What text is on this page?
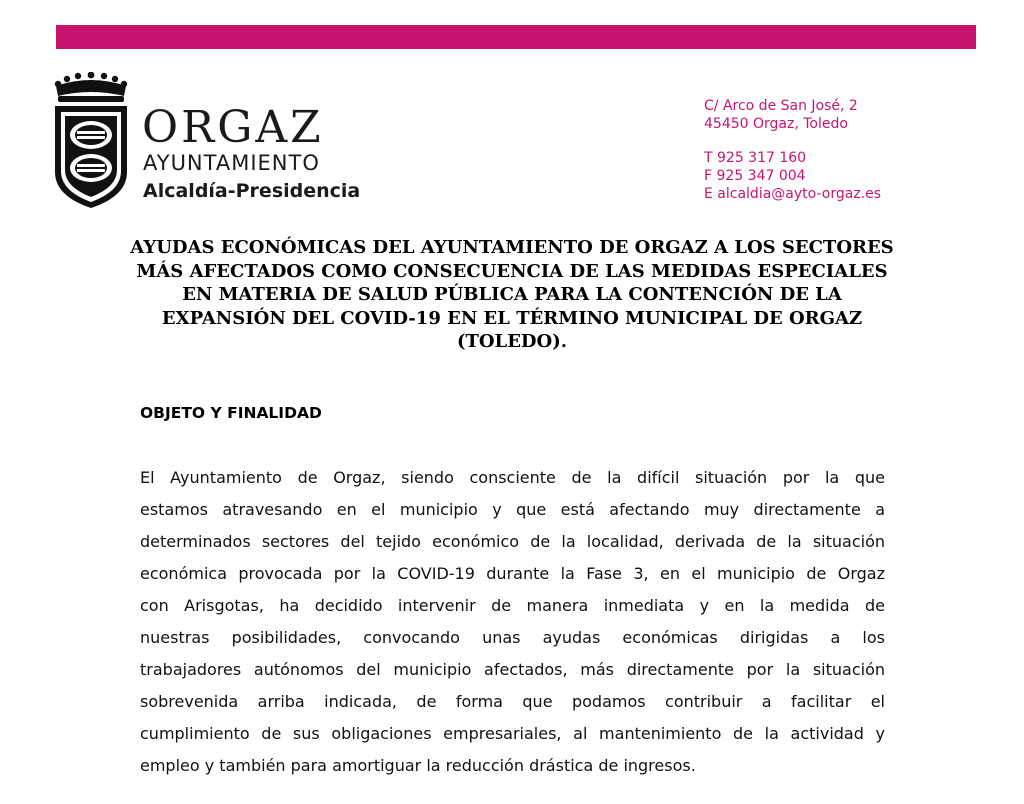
ORGAZ

AYUNTAMIENTO

Alcaldía-Presidencia

C/ Arco de San José, 2
45450 Orgaz, Toledo
T 925 317 160
F 925 347 004
E alcaldia@ayto-orgaz.es
AYUDAS ECONÓMICAS DEL AYUNTAMIENTO DE ORGAZ A LOS SECTORES
MÁS AFECTADOS COMO CONSECUENCIA DE LAS MEDIDAS ESPECIALES
EN MATERIA DE SALUD PÚBLICA PARA LA CONTENCIÓN DE LA
EXPANSIÓN DEL COVID-19 EN EL TÉRMINO MUNICIPAL DE ORGAZ
(TOLEDO).
OBJETO Y FINALIDAD
El Ayuntamiento de Orgaz, siendo consciente de la difícil situación por la que
estamos atravesando en el municipio y que está afectando muy directamente a
determinados sectores del tejido económico de la localidad, derivada de la situación
económica provocada por la COVID-19 durante la Fase 3, en el municipio de Orgaz
con Arisgotas, ha decidido intervenir de manera inmediata y en la medida de
nuestras posibilidades, convocando unas ayudas económicas dirigidas a los
trabajadores autónomos del municipio afectados, más directamente por la situación
sobrevenida arriba indicada, de forma que podamos contribuir a facilitar el
cumplimiento de sus obligaciones empresariales, al mantenimiento de la actividad y
empleo y también para amortiguar la reducción drástica de ingresos.
